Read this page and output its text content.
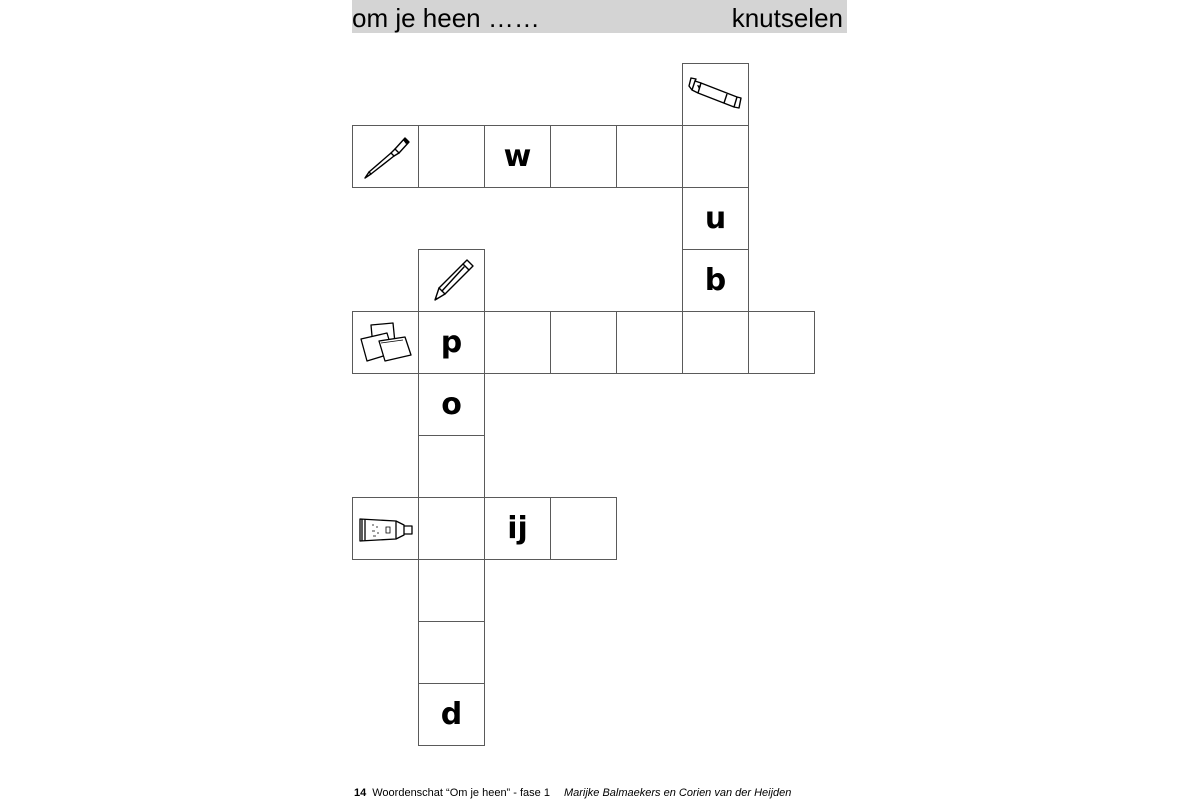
om je heen ……	knutselen
w
u
b
p
o
ij
d
14 Woordenschat “Om je heen” - fase 1 Marijke Balmaekers en Corien van der Heijden
